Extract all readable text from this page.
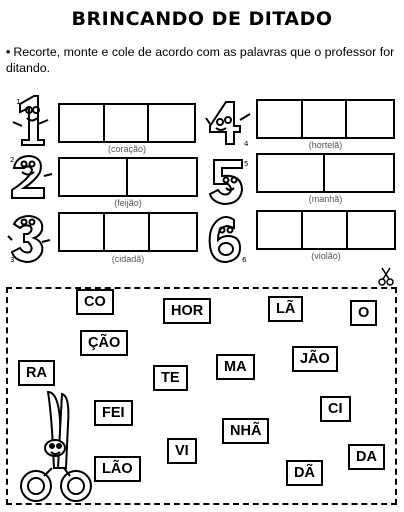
BRINCANDO DE DITADO
• Recorte, monte e cole de acordo com as palavras que o professor for ditando.
1
(coração)	4	(hortelã)
2
(feijão)
5
(manhã)
3	(cidadã)	6	(violão)
CO
HOR	LÃ	O
ÇÃO
RA	TE
MA	JÃO
FEI	CI
VI
NHÃ
LÃO	DÃ
DA
